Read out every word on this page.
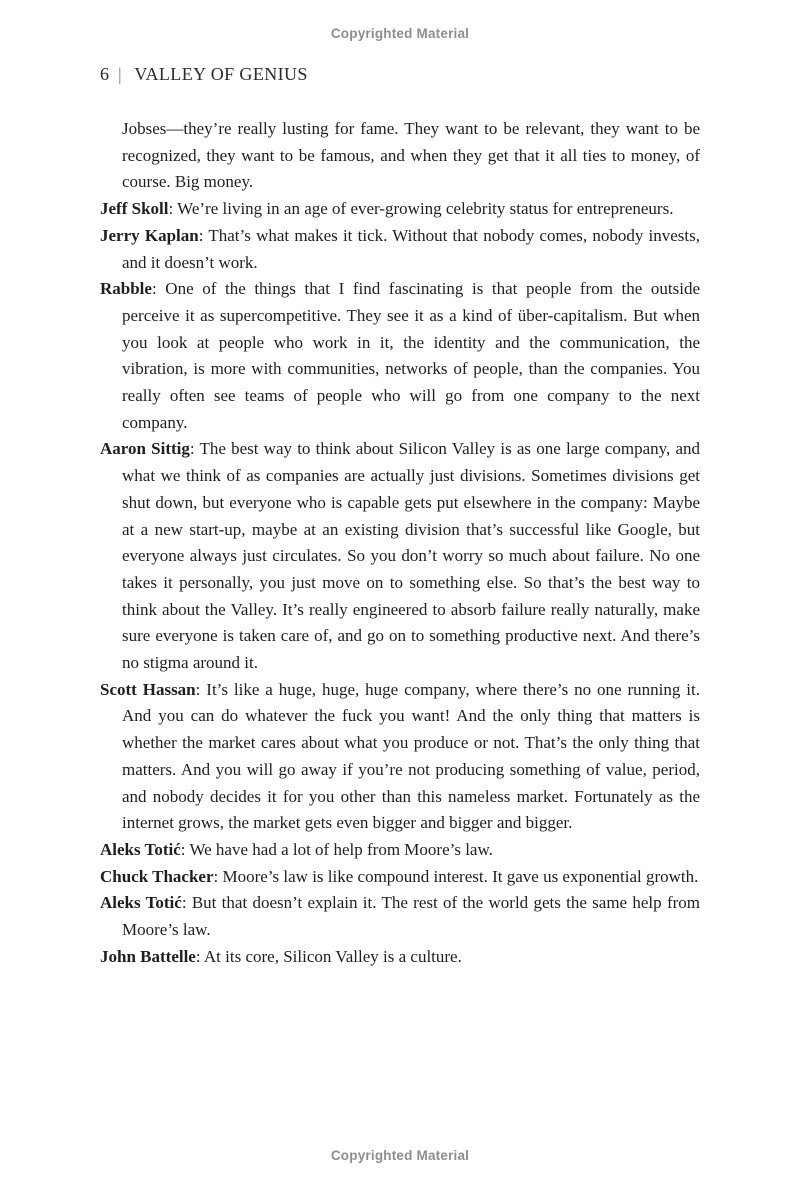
Copyrighted Material
6 | VALLEY OF GENIUS

Jobses—they’re really lusting for fame. They want to be relevant, they want to be recognized, they want to be famous, and when they get that it all ties to money, of course. Big money.

Jeff Skoll: We’re living in an age of ever-growing celebrity status for entrepreneurs.

Jerry Kaplan: That’s what makes it tick. Without that nobody comes, nobody invests, and it doesn’t work.

Rabble: One of the things that I find fascinating is that people from the outside perceive it as supercompetitive. They see it as a kind of über-capitalism. But when you look at people who work in it, the identity and the communication, the vibration, is more with communities, networks of people, than the companies. You really often see teams of people who will go from one company to the next company.

Aaron Sittig: The best way to think about Silicon Valley is as one large company, and what we think of as companies are actually just divisions. Sometimes divisions get shut down, but everyone who is capable gets put elsewhere in the company: Maybe at a new start-up, maybe at an existing division that’s successful like Google, but everyone always just circulates. So you don’t worry so much about failure. No one takes it personally, you just move on to something else. So that’s the best way to think about the Valley. It’s really engineered to absorb failure really naturally, make sure everyone is taken care of, and go on to something productive next. And there’s no stigma around it.

Scott Hassan: It’s like a huge, huge, huge company, where there’s no one running it. And you can do whatever the fuck you want! And the only thing that matters is whether the market cares about what you produce or not. That’s the only thing that matters. And you will go away if you’re not producing something of value, period, and nobody decides it for you other than this nameless market. Fortunately as the internet grows, the market gets even bigger and bigger and bigger.

Aleks Totić: We have had a lot of help from Moore’s law.

Chuck Thacker: Moore’s law is like compound interest. It gave us exponential growth.

Aleks Totić: But that doesn’t explain it. The rest of the world gets the same help from Moore’s law.

John Battelle: At its core, Silicon Valley is a culture.

Copyrighted Material
